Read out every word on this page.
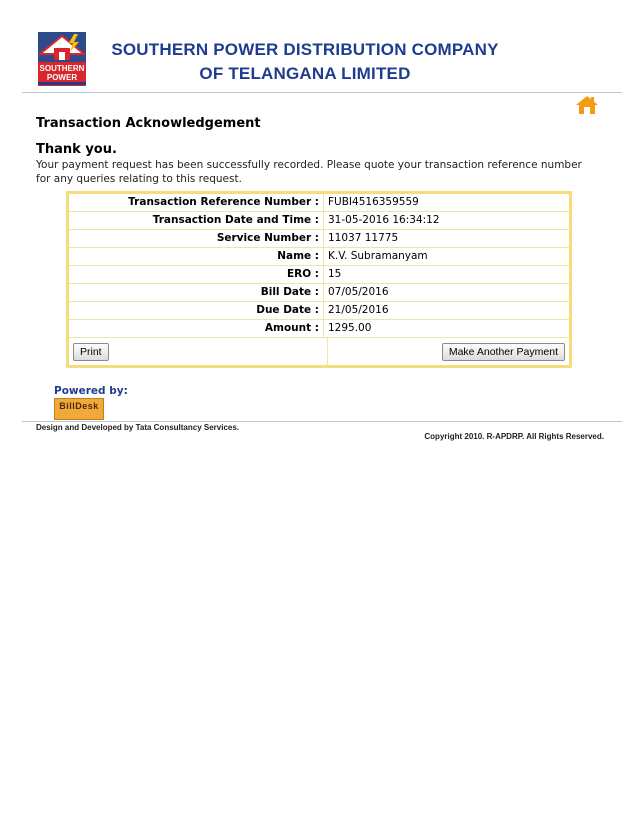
SOUTHERN
POWER
SOUTHERN POWER DISTRIBUTION COMPANY
OF TELANGANA LIMITED
Transaction Acknowledgement
Thank you.
Your payment request has been successfully recorded. Please quote your transaction reference number for any queries relating to this request.
Transaction Reference Number : FUBI4516359559
Transaction Date and Time : 31-05-2016 16:34:12
Service Number : 11037 11775
Name : K.V. Subramanyam
ERO : 15
Bill Date : 07/05/2016
Due Date : 21/05/2016
Amount : 1295.00
Print	Make Another Payment
Powered by:
BillDesk
Design and Developed by Tata Consultancy Services.
Copyright 2010. R-APDRP. All Rights Reserved.
